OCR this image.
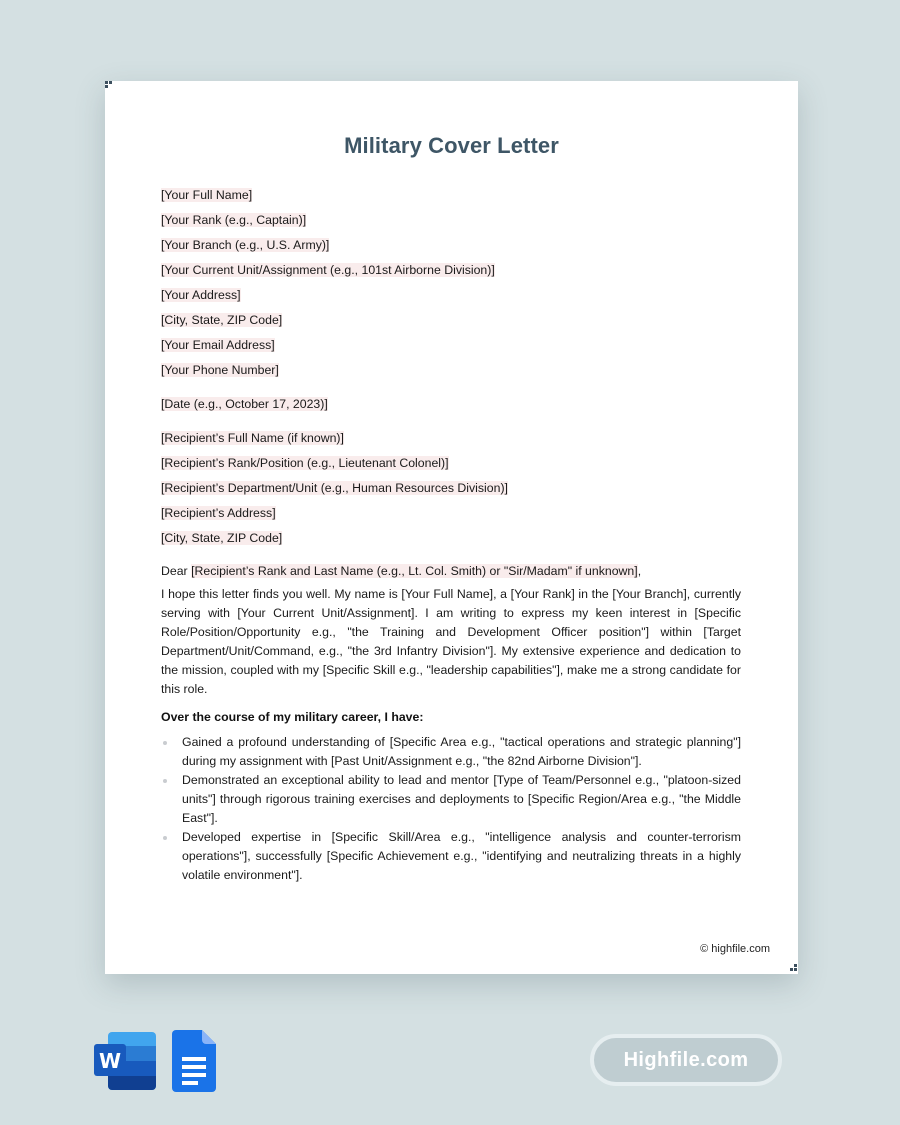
Military Cover Letter
[Your Full Name]
[Your Rank (e.g., Captain)]
[Your Branch (e.g., U.S. Army)]
[Your Current Unit/Assignment (e.g., 101st Airborne Division)]
[Your Address]
[City, State, ZIP Code]
[Your Email Address]
[Your Phone Number]
[Date (e.g., October 17, 2023)]
[Recipient’s Full Name (if known)]
[Recipient’s Rank/Position (e.g., Lieutenant Colonel)]
[Recipient’s Department/Unit (e.g., Human Resources Division)]
[Recipient’s Address]
[City, State, ZIP Code]
Dear [Recipient’s Rank and Last Name (e.g., Lt. Col. Smith) or "Sir/Madam" if unknown],

I hope this letter finds you well. My name is [Your Full Name], a [Your Rank] in the [Your Branch], currently serving with [Your Current Unit/Assignment]. I am writing to express my keen interest in [Specific Role/Position/Opportunity e.g., "the Training and Development Officer position"] within [Target Department/Unit/Command, e.g., "the 3rd Infantry Division"]. My extensive experience and dedication to the mission, coupled with my [Specific Skill e.g., "leadership capabilities"], make me a strong candidate for this role.

Over the course of my military career, I have:
Gained a profound understanding of [Specific Area e.g., "tactical operations and strategic planning"] during my assignment with [Past Unit/Assignment e.g., "the 82nd Airborne Division"].
Demonstrated an exceptional ability to lead and mentor [Type of Team/Personnel e.g., "platoon-sized units"] through rigorous training exercises and deployments to [Specific Region/Area e.g., "the Middle East"].
Developed expertise in [Specific Skill/Area e.g., "intelligence analysis and counter-terrorism operations"], successfully [Specific Achievement e.g., "identifying and neutralizing threats in a highly volatile environment"].
© highfile.com
W	Highfile.com
